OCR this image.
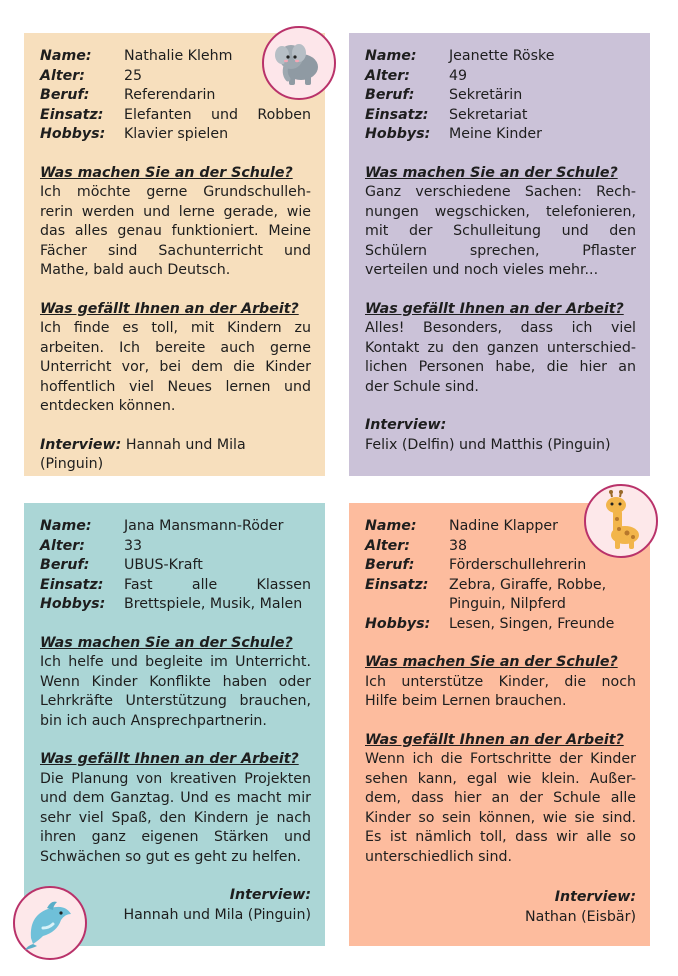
Name:	Nathalie Klehm
Alter:	25
Beruf:	Referendarin
Einsatz:	Elefanten und Robben
Hobbys:	Klavier spielen
Was machen Sie an der Schule?
Ich möchte gerne Grundschulleh-
rerin werden und lerne gerade, wie
das alles genau funktioniert. Meine
Fächer sind Sachunterricht und
Mathe, bald auch Deutsch.
Was gefällt Ihnen an der Arbeit?
Ich finde es toll, mit Kindern zu
arbeiten. Ich bereite auch gerne
Unterricht vor, bei dem die Kinder
hoffentlich viel Neues lernen und
entdecken können.
Interview: Hannah und Mila (Pinguin)
Name:	Jeanette Röske
Alter:	49
Beruf:	Sekretärin
Einsatz:	Sekretariat
Hobbys:	Meine Kinder
Was machen Sie an der Schule?
Ganz verschiedene Sachen: Rech-
nungen wegschicken, telefonieren,
mit der Schulleitung und den
Schülern sprechen, Pflaster
verteilen und noch vieles mehr...
Was gefällt Ihnen an der Arbeit?
Alles! Besonders, dass ich viel
Kontakt zu den ganzen unterschied-
lichen Personen habe, die hier an
der Schule sind.
Interview:
Felix (Delfin) und Matthis (Pinguin)
Name:	Jana Mansmann-Röder
Alter:	33
Beruf:	UBUS-Kraft
Einsatz:	Fast alle Klassen
Hobbys:	Brettspiele, Musik, Malen
Was machen Sie an der Schule?
Ich helfe und begleite im Unterricht.
Wenn Kinder Konflikte haben oder
Lehrkräfte Unterstützung brauchen,
bin ich auch Ansprechpartnerin.
Was gefällt Ihnen an der Arbeit?
Die Planung von kreativen Projekten
und dem Ganztag. Und es macht mir
sehr viel Spaß, den Kindern je nach
ihren ganz eigenen Stärken und
Schwächen so gut es geht zu helfen.
Interview:
Hannah und Mila (Pinguin)
Name:	Nadine Klapper
Alter:	38
Beruf:	Förderschullehrerin
Einsatz:	Zebra, Giraffe, Robbe,
Pinguin, Nilpferd
Hobbys:	Lesen, Singen, Freunde
Was machen Sie an der Schule?
Ich unterstütze Kinder, die noch
Hilfe beim Lernen brauchen.
Was gefällt Ihnen an der Arbeit?
Wenn ich die Fortschritte der Kinder
sehen kann, egal wie klein. Außer-
dem, dass hier an der Schule alle
Kinder so sein können, wie sie sind.
Es ist nämlich toll, dass wir alle so
unterschiedlich sind.
Interview:
Nathan (Eisbär)
